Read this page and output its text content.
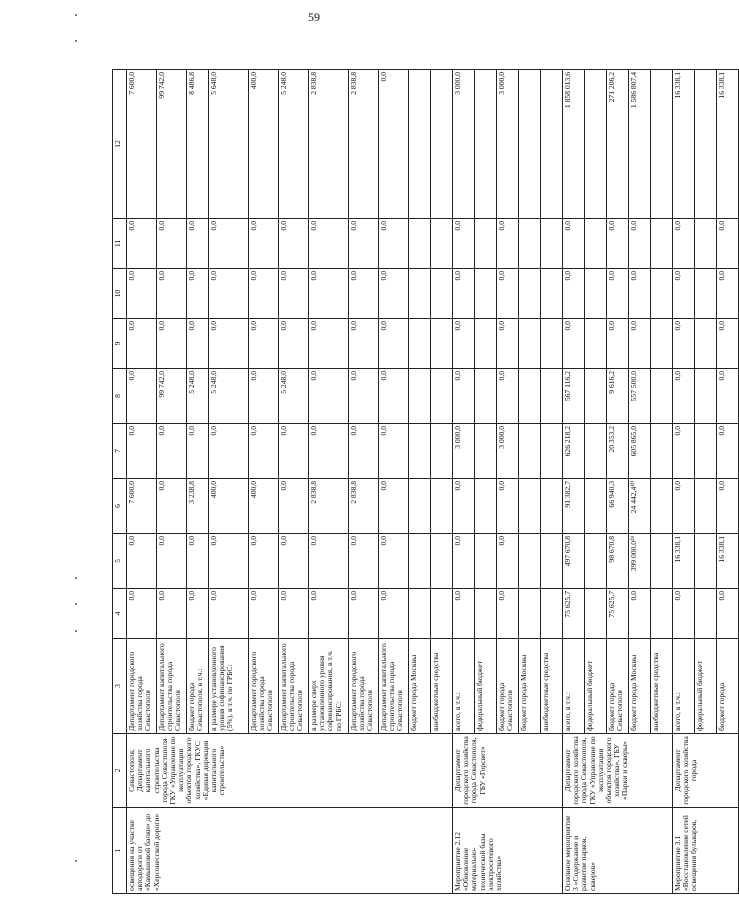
59
1	2	3	4	5	6	7	8	9	10	11	12
освещения на участке автодороги от «Камышовой балки» до «Херсонесской дороги»	Севастополя, Департамент капитального строительства города Севастополя ГКУ «Управление по эксплуатации объектов городского хозяйства», ГКУС «Единая дирекция капитального строительства»	Департамент городского хозяйства города Севастополя	0,0	0,0	7 600,0	0,0	0,0	0,0	0,0	0,0	7 600,0
		Департамент капитального строительства города Севастополя	0,0	0,0	0,0	0,0	99 742,0	0,0	0,0	0,0	99 742,0
		бюджет города Севастополя, в т.ч.:	0,0	0,0	3 238,8	0,0	5 248,0	0,0	0,0	0,0	8 486,8
		в размере установленного уровня софинансирования (5%), в т.ч. по ГРБС:	0,0	0,0	400,0	0,0	5 248,0	0,0	0,0	0,0	5 648,0
		Департамент городского хозяйства города Севастополя	0,0	0,0	400,0	0,0	0,0	0,0	0,0	0,0	400,0
		Департамент капитального строительства города Севастополя	0,0	0,0	0,0	0,0	5 248,0	0,0	0,0	0,0	5 248,0
		в размере сверх установленного уровня софинансирования, в т.ч. по ГРБС:	0,0	0,0	2 838,8	0,0	0,0	0,0	0,0	0,0	2 838,8
		Департамент городского хозяйства города Севастополя	0,0	0,0	2 838,8	0,0	0,0	0,0	0,0	0,0	2 838,8
		Департамент капитального строительства города Севастополя	0,0	0,0	0,0	0,0	0,0	0,0	0,0	0,0	0,0
		бюджет города Москвы									
		внебюджетные средства									
Мероприятие 2.12 «Обновление материально-технической базы электросетевого хозяйства»	Департамент городского хозяйства города Севастополя, ГБУ «Горсвет»	всего, в т.ч.:	0,0	0,0	0,0	3 000,0	0,0	0,0	0,0	0,0	3 000,0
		федеральный бюджет									
		бюджет города Севастополя	0,0	0,0	0,0	3 000,0	0,0	0,0	0,0	0,0	3 000,0
		бюджет города Москвы									
		внебюджетные средства									
Основное мероприятие 3 «Содержание и развитие парков, скверов»	Департамент городского хозяйства города Севастополя, ГКУ «Управление по эксплуатации объектов городского хозяйства», ГБУ «Парки и скверы»	всего, в т.ч.:	75 625,7	497 670,8	91 382,7	626 218,2	567 116,2	0,0	0,0	0,0	1 858 013,6
		федеральный бюджет									
		бюджет города Севастополя	75 625,7	98 670,8	66 940,3	20 353,2	9 616,2	0,0	0,0	0,0	271 206,2
		бюджет города Москвы	0,0	399 000,0³⁹	24 442,4⁴⁰	605 865,0	557 500,0	0,0	0,0	0,0	1 586 807,4
		внебюджетные средства									
Мероприятие 3.1 «Восстановление сетей освещения бульваров,	Департамент городского хозяйства города	всего, в т.ч.:	0,0	16 338,1	0,0	0,0	0,0	0,0	0,0	0,0	16 338,1
		федеральный бюджет									
		бюджет города	0,0	16 338,1	0,0	0,0	0,0	0,0	0,0	0,0	16 338,1
